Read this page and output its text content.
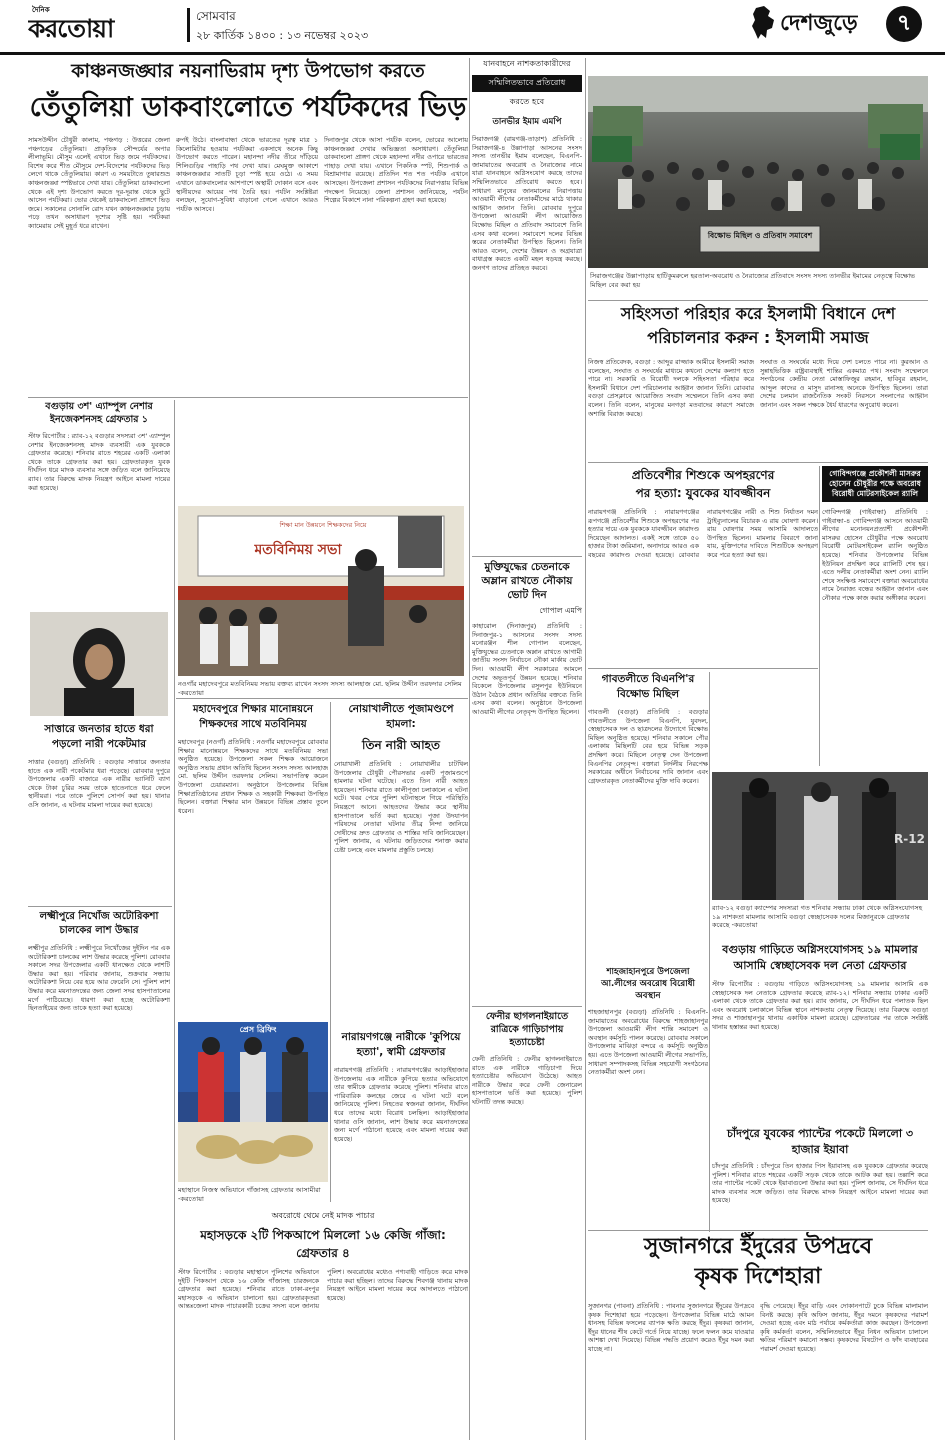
দৈনিক
করতোয়া	সোমবার
২৮ কার্তিক ১৪৩০ : ১৩ নভেম্বর ২০২৩	দেশজুড়ে	৭
কাঞ্চনজঙ্ঘার নয়নাভিরাম দৃশ্য উপভোগ করতে
তেঁতুলিয়া ডাকবাংলোতে পর্যটকদের ভিড়
সামসউদ্দীন চৌধুরী কালাম, পঞ্চগড় : উত্তরের জেলা পঞ্চগড়ের তেঁতুলিয়া। প্রাকৃতিক সৌন্দর্যের অপার লীলাভূমি। মৌসুম এলেই এখানে ভিড় জমে পর্যটকদের। বিশেষ করে শীত মৌসুমে দেশ-বিদেশের পর্যটকদের ভিড় লেগে থাকে তেঁতুলিয়ায়। কারণ এ সময়টাতে তুষারশুভ্র কাঞ্চনজঙ্ঘা স্পষ্টভাবে দেখা যায়। তেঁতুলিয়া ডাকবাংলো থেকে এই দৃশ্য উপভোগ করতে দূর-দূরান্ত থেকে ছুটে আসেন পর্যটকরা। ভোর থেকেই ডাকবাংলো প্রাঙ্গণে ভিড় জমে। সকালের সোনালি রোদ যখন কাঞ্চনজঙ্ঘার চূড়ায় পড়ে তখন অসাধারণ দৃশ্যের সৃষ্টি হয়। পর্যটকরা ক্যামেরায় সেই মুহূর্ত ধরে রাখেন।
রুপই উঠে। বাংলাবান্ধা থেকে ভারতের দূরত্ব মাত্র ১ কিলোমিটার হওয়ায় পর্যটকরা একসাথে অনেক কিছু উপভোগ করতে পারেন। মহানন্দা নদীর তীরে দাঁড়িয়ে শিলিগুড়ির পাহাড়ি পথ দেখা যায়। মেঘমুক্ত আকাশে কাঞ্চনজঙ্ঘার সাতটি চূড়া স্পষ্ট হয়ে ওঠে। এ সময় এখানে ডাকবাংলোর আশপাশে অস্থায়ী দোকান বসে এবং স্থানীয়দের আয়ের পথ তৈরি হয়। পর্যটন সংশ্লিষ্টরা বলছেন, সুযোগ-সুবিধা বাড়ানো গেলে এখানে আরও পর্যটক আসবে।
দিনাজপুর থেকে আসা পর্যটক বলেন, ভোরের আলোয় কাঞ্চনজঙ্ঘা দেখার অভিজ্ঞতা অসাধারণ। তেঁতুলিয়া ডাকবাংলো প্রাঙ্গণ থেকে মহানন্দা নদীর ওপারে ভারতের পাহাড় দেখা যায়। এখানে পিকনিক স্পট, শিশুপার্ক ও বিশ্রামাগার রয়েছে। প্রতিদিন শত শত পর্যটক এখানে আসছেন। উপজেলা প্রশাসন পর্যটকদের নিরাপত্তায় বিভিন্ন পদক্ষেপ নিয়েছে। জেলা প্রশাসন জানিয়েছে, পর্যটন শিল্পের বিকাশে নানা পরিকল্পনা গ্রহণ করা হয়েছে।
যানবাহনে নাশকতাকারীদের
সম্মিলিতভাবে প্রতিরোধ
করতে হবে
তানভীর ইমাম এমপি
সিরাজগঞ্জ (রায়গঞ্জ-তাড়াশ) প্রতিনিধি : সিরাজগঞ্জ-৪ উল্লাপাড়া আসনের সংসদ সদস্য তানভীর ইমাম বলেছেন, বিএনপি-জামায়াতের অবরোধ ও নৈরাজ্যের নামে যারা যানবাহনে অগ্নিসংযোগ করছে তাদের সম্মিলিতভাবে প্রতিরোধ করতে হবে। সাধারণ মানুষের জানমালের নিরাপত্তায় আওয়ামী লীগের নেতাকর্মীদের মাঠে থাকার আহ্বান জানান তিনি। রোববার দুপুরে উপজেলা আওয়ামী লীগ আয়োজিত বিক্ষোভ মিছিল ও প্রতিবাদ সমাবেশে তিনি এসব কথা বলেন। সমাবেশে দলের বিভিন্ন স্তরের নেতাকর্মীরা উপস্থিত ছিলেন। তিনি আরও বলেন, দেশের উন্নয়ন ও অগ্রযাত্রা বাধাগ্রস্ত করতে একটি মহল ষড়যন্ত্র করছে। জনগণ তাদের প্রতিহত করবে।
বিক্ষোভ মিছিল ও প্রতিবাদ সমাবেশ
সিরাজগঞ্জের উল্লাপাড়ায় হাটিকুমরুলে হরতাল-অবরোধ ও নৈরাজ্যের প্রতিবাদে সংসদ সদস্য তানভীর ইমামের নেতৃত্বে বিক্ষোভ মিছিল বের করা হয়
সহিংসতা পরিহার করে ইসলামী বিধানে দেশ
পরিচালনার করুন : ইসলামী সমাজ
নিজস্ব প্রতিবেদক, বগুড়া : আব্দুর রাজ্জাক আমীরে ইসলামী সমাজ বলেছেন, সংঘাত ও সংঘর্ষের মাধ্যমে কখনো দেশের কল্যাণ হতে পারে না। সরকারি ও বিরোধী দলকে সহিংসতা পরিহার করে ইসলামী বিধানে দেশ পরিচালনার আহ্বান জানান তিনি। রোববার বগুড়া প্রেসক্লাবে আয়োজিত সংবাদ সম্মেলনে তিনি এসব কথা বলেন। তিনি বলেন, মানুষের মনগড়া মতবাদের কারণে সমাজে অশান্তি বিরাজ করছে।
সংঘাত ও সংঘর্ষের মধ্যে দিয়ে দেশ চলতে পারে না। কুরআন ও সুন্নাহভিত্তিক রাষ্ট্রব্যবস্থাই শান্তির একমাত্র পথ। সংবাদ সম্মেলনে সংগঠনের কেন্দ্রীয় নেতা মোস্তাফিজুর রহমান, হাবিবুর রহমান, আব্দুল কাদের ও মাসুদ রানাসহ অনেকে উপস্থিত ছিলেন। তারা দেশের চলমান রাজনৈতিক সংকট নিরসনে সংলাপের আহ্বান জানান এবং সকল পক্ষকে ধৈর্য ধারণের অনুরোধ করেন।
বগুড়ায় ৩শ' এ্যাম্পুল নেশার ইনজেকশনসহ গ্রেফতার ১
স্টাফ রিপোর্টার : র‍্যাব-১২ বগুড়ার সদস্যরা ৩শ' এ্যাম্পুল নেশার ইনজেকশনসহ মাদক ব্যবসায়ী এক যুবককে গ্রেফতার করেছে। শনিবার রাতে শহরের একটি এলাকা থেকে তাকে গ্রেফতার করা হয়। গ্রেফতারকৃত যুবক দীর্ঘদিন ধরে মাদক ব্যবসার সঙ্গে জড়িত বলে জানিয়েছে র‍্যাব। তার বিরুদ্ধে মাদক নিয়ন্ত্রণ আইনে মামলা দায়ের করা হয়েছে।
শিক্ষা মান উন্নয়নে শিক্ষকদের নিয়ে
মতবিনিময় সভা
নওগাঁর মহাদেবপুরে মতবিনিময় সভায় বক্তব্য রাখেন সংসদ সদস্য আলহাজ মো. ছলিম উদ্দীন তরফদার সেলিম -করতোয়া
মুক্তিযুদ্ধের চেতনাকে অম্লান রাখতে নৌকায় ভোট দিন
গোপাল এমপি
কাহারোল (দিনাজপুর) প্রতিনিধি : দিনাজপুর-১ আসনের সংসদ সদস্য মনোরঞ্জন শীল গোপাল বলেছেন, মুক্তিযুদ্ধের চেতনাকে অম্লান রাখতে আগামী জাতীয় সংসদ নির্বাচনে নৌকা মার্কায় ভোট দিন। আওয়ামী লীগ সরকারের আমলে দেশের অভূতপূর্ব উন্নয়ন হয়েছে। শনিবার বিকেলে উপজেলার রসুলপুর ইউনিয়নে উঠান বৈঠকে প্রধান অতিথির বক্তব্যে তিনি এসব কথা বলেন। অনুষ্ঠানে উপজেলা আওয়ামী লীগের নেতৃবৃন্দ উপস্থিত ছিলেন।
মহাদেবপুরে শিক্ষার মানোন্নয়নে শিক্ষকদের সাথে মতবিনিময়
মহাদেবপুর (নওগাঁ) প্রতিনিধি : নওগাঁর মহাদেবপুরে রোববার শিক্ষার মানোন্নয়নে শিক্ষকদের সাথে মতবিনিময় সভা অনুষ্ঠিত হয়েছে। উপজেলা সকল শিক্ষক আয়োজনে অনুষ্ঠিত সভায় প্রধান অতিথি ছিলেন সংসদ সদস্য আলহাজ মো. ছলিম উদ্দীন তরফদার সেলিম। সভাপতিত্ব করেন উপজেলা চেয়ারম্যান। অনুষ্ঠানে উপজেলার বিভিন্ন শিক্ষাপ্রতিষ্ঠানের প্রধান শিক্ষক ও সহকারী শিক্ষকরা উপস্থিত ছিলেন। বক্তারা শিক্ষার মান উন্নয়নে বিভিন্ন প্রস্তাব তুলে ধরেন।
নোয়াখালীতে পূজামণ্ডপে হামলা:
তিন নারী আহত
নোয়াখালী প্রতিনিধি : নোয়াখালীর চাটখিল উপজেলার চৌধুরী পৌরসভার একটি পূজামণ্ডপে হামলার ঘটনা ঘটেছে। এতে তিন নারী আহত হয়েছেন। শনিবার রাতে কালীপূজা চলাকালে এ ঘটনা ঘটে। খবর পেয়ে পুলিশ ঘটনাস্থলে গিয়ে পরিস্থিতি নিয়ন্ত্রণে আনে। আহতদের উদ্ধার করে স্থানীয় হাসপাতালে ভর্তি করা হয়েছে। পূজা উদযাপন পরিষদের নেতারা ঘটনার তীব্র নিন্দা জানিয়ে দোষীদের দ্রুত গ্রেফতার ও শাস্তির দাবি জানিয়েছেন। পুলিশ জানায়, এ ঘটনায় জড়িতদের শনাক্ত করার চেষ্টা চলছে এবং মামলার প্রস্তুতি চলছে।
সাত্তারে জনতার হাতে ধরা পড়লো নারী পকেটমার
সাত্তার (বগুড়া) প্রতিনিধি : বগুড়ার সাত্তারে জনতার হাতে এক নারী পকেটমার ধরা পড়েছে। রোববার দুপুরে উপজেলার একটি বাজারে এক নারীর ভ্যানিটি ব্যাগ থেকে টাকা চুরির সময় তাকে হাতেনাতে ধরে ফেলে স্থানীয়রা। পরে তাকে পুলিশে সোপর্দ করা হয়। থানার ওসি জানান, এ ঘটনায় মামলা দায়ের করা হয়েছে।
লক্ষ্মীপুরে নিখোঁজ অটোরিকশা চালকের লাশ উদ্ধার
লক্ষ্মীপুর প্রতিনিধি : লক্ষ্মীপুরে নিখোঁজের দুইদিন পর এক অটোরিকশা চালকের লাশ উদ্ধার করেছে পুলিশ। রোববার সকালে সদর উপজেলার একটি ধানক্ষেত থেকে লাশটি উদ্ধার করা হয়। পরিবার জানায়, শুক্রবার সন্ধ্যায় অটোরিকশা নিয়ে বের হয়ে আর ফেরেনি সে। পুলিশ লাশ উদ্ধার করে ময়নাতদন্তের জন্য জেলা সদর হাসপাতালের মর্গে পাঠিয়েছে। ধারণা করা হচ্ছে অটোরিকশা ছিনতাইয়ের জন্য তাকে হত্যা করা হয়েছে।
ফেনীর ছাগলনাইয়াতে রাত্রিকে গাড়িচাপায় হত্যাচেষ্টা
ফেনী প্রতিনিধি : ফেনীর ছাগলনাইয়াতে রাতে এক নারীকে গাড়িচাপা দিয়ে হত্যাচেষ্টার অভিযোগ উঠেছে। আহত নারীকে উদ্ধার করে ফেনী জেনারেল হাসপাতালে ভর্তি করা হয়েছে। পুলিশ ঘটনাটি তদন্ত করছে।
নারায়ণগঞ্জে নারীকে 'কুপিয়ে হত্যা', স্বামী গ্রেফতার
নারায়ণগঞ্জ প্রতিনিধি : নারায়ণগঞ্জের আড়াইহাজার উপজেলায় এক নারীকে কুপিয়ে হত্যার অভিযোগে তার স্বামীকে গ্রেফতার করেছে পুলিশ। শনিবার রাতে পারিবারিক কলহের জেরে এ ঘটনা ঘটে বলে জানিয়েছে পুলিশ। নিহতের স্বজনরা জানান, দীর্ঘদিন ধরে তাদের মধ্যে বিরোধ চলছিল। আড়াইহাজার থানার ওসি জানান, লাশ উদ্ধার করে ময়নাতদন্তের জন্য মর্গে পাঠানো হয়েছে এবং মামলা দায়ের করা হয়েছে।
প্রেস ব্রিফিং
মহাস্থানে নিজস্ব অভিযানে গাঁজাসহ গ্রেফতার আসামীরা -করতোয়া
অবরোধে থেমে নেই মাদক পাচার
মহাসড়কে ২টি পিকআপে মিললো ১৬ কেজি গাঁজা: গ্রেফতার ৪
স্টাফ রিপোর্টার : বগুড়ার মহাস্থানে পুলিশের অভিযানে দুইটি পিকআপ থেকে ১৬ কেজি গাঁজাসহ চারজনকে গ্রেফতার করা হয়েছে। শনিবার রাতে ঢাকা-রংপুর মহাসড়কে এ অভিযান চালানো হয়। গ্রেফতারকৃতরা আন্তঃজেলা মাদক পাচারকারী চক্রের সদস্য বলে জানায় পুলিশ। অবরোধের মধ্যেও পণ্যবাহী গাড়িতে করে মাদক পাচার করা হচ্ছিল। তাদের বিরুদ্ধে শিবগঞ্জ থানায় মাদক নিয়ন্ত্রণ আইনে মামলা দায়ের করে আদালতে পাঠানো হয়েছে।
প্রতিবেশীর শিশুকে অপহরণের
পর হত্যা: যুবকের যাবজ্জীবন
নারায়ণগঞ্জ প্রতিনিধি : নারায়ণগঞ্জের রূপগঞ্জে প্রতিবেশীর শিশুকে অপহরণের পর হত্যার দায়ে এক যুবককে যাবজ্জীবন কারাদণ্ড দিয়েছেন আদালত। একই সঙ্গে তাকে ৫০ হাজার টাকা জরিমানা, অনাদায়ে আরও এক বছরের কারাদণ্ড দেওয়া হয়েছে। রোববার নারায়ণগঞ্জের নারী ও শিশু নির্যাতন দমন ট্রাইব্যুনালের বিচারক এ রায় ঘোষণা করেন। রায় ঘোষণার সময় আসামি আদালতে উপস্থিত ছিলেন। মামলার বিবরণে জানা যায়, মুক্তিপণের দাবিতে শিশুটিকে অপহরণ করে পরে হত্যা করা হয়।
গোবিন্দগঞ্জে প্রকৌশলী মাসরুর হোসেন চৌধুরীর পক্ষে অবরোধ বিরোধী মোটরসাইকেল র‍্যালি
গোবিন্দগঞ্জ (গাইবান্ধা) প্রতিনিধি : গাইবান্ধা-৪ গোবিন্দগঞ্জ আসনে আওয়ামী লীগের মনোনয়নপ্রত্যাশী প্রকৌশলী মাসরুর হোসেন চৌধুরীর পক্ষে অবরোধ বিরোধী মোটরসাইকেল র‍্যালি অনুষ্ঠিত হয়েছে। শনিবার উপজেলার বিভিন্ন ইউনিয়ন প্রদক্ষিণ করে র‍্যালিটি শেষ হয়। এতে দলীয় নেতাকর্মীরা অংশ নেন। র‍্যালি শেষে সংক্ষিপ্ত সমাবেশে বক্তারা অবরোধের নামে নৈরাজ্য বন্ধের আহ্বান জানান এবং নৌকার পক্ষে কাজ করার অঙ্গীকার করেন।
গাবতলীতে বিএনপি'র বিক্ষোভ মিছিল
গাবতলী (বগুড়া) প্রতিনিধি : বগুড়ার গাবতলীতে উপজেলা বিএনপি, যুবদল, স্বেচ্ছাসেবক দল ও ছাত্রদলের উদ্যোগে বিক্ষোভ মিছিল অনুষ্ঠিত হয়েছে। শনিবার সকালে পৌর এলাকায় মিছিলটি বের হয়ে বিভিন্ন সড়ক প্রদক্ষিণ করে। মিছিলে নেতৃত্ব দেন উপজেলা বিএনপির নেতৃবৃন্দ। বক্তারা নির্দলীয় নিরপেক্ষ সরকারের অধীনে নির্বাচনের দাবি জানান এবং গ্রেফতারকৃত নেতাকর্মীদের মুক্তি দাবি করেন।
R-12
র‍্যাব-১২ বগুড়া ক্যাম্পের সদস্যরা গত শনিবার সন্ধ্যায় ঢাকা থেকে অগ্নিসংযোগসহ ১৯ নাশকতা মামলার আসামি বগুড়া স্বেচ্ছাসেবক দলের মিজানুরকে গ্রেফতার করেছে -করতোয়া
বগুড়ায় গাড়িতে অগ্নিসংযোগসহ ১৯ মামলার আসামি স্বেচ্ছাসেবক দল নেতা গ্রেফতার
স্টাফ রিপোর্টার : বগুড়ায় গাড়িতে অগ্নিসংযোগসহ ১৯ মামলার আসামি এক স্বেচ্ছাসেবক দল নেতাকে গ্রেফতার করেছে র‍্যাব-১২। শনিবার সন্ধ্যায় ঢাকার একটি এলাকা থেকে তাকে গ্রেফতার করা হয়। র‍্যাব জানায়, সে দীর্ঘদিন ধরে পলাতক ছিল এবং অবরোধ চলাকালে বিভিন্ন স্থানে নাশকতায় নেতৃত্ব দিয়েছে। তার বিরুদ্ধে বগুড়া সদর ও শাজাহানপুর থানায় একাধিক মামলা রয়েছে। গ্রেফতারের পর তাকে সংশ্লিষ্ট থানায় হস্তান্তর করা হয়েছে।
শাহজাহানপুরে উপজেলা আ.লীগের অবরোধ বিরোধী অবস্থান
শাহজাহানপুর (বগুড়া) প্রতিনিধি : বিএনপি-জামায়াতের অবরোধের বিরুদ্ধে শাহজাহানপুর উপজেলা আওয়ামী লীগ শান্তি সমাবেশ ও অবস্থান কর্মসূচি পালন করেছে। রোববার সকালে উপজেলার মাঝিড়া বন্দরে এ কর্মসূচি অনুষ্ঠিত হয়। এতে উপজেলা আওয়ামী লীগের সভাপতি, সাধারণ সম্পাদকসহ বিভিন্ন সহযোগী সংগঠনের নেতাকর্মীরা অংশ নেন।
চাঁদপুরে যুবকের প্যান্টের পকেটে মিললো ৩ হাজার ইয়াবা
চাঁদপুর প্রতিনিধি : চাঁদপুরে তিন হাজার পিস ইয়াবাসহ এক যুবককে গ্রেফতার করেছে পুলিশ। শনিবার রাতে শহরের একটি সড়ক থেকে তাকে আটক করা হয়। তল্লাশি করে তার প্যান্টের পকেট থেকে ইয়াবাগুলো উদ্ধার করা হয়। পুলিশ জানায়, সে দীর্ঘদিন ধরে মাদক ব্যবসার সঙ্গে জড়িত। তার বিরুদ্ধে মাদক নিয়ন্ত্রণ আইনে মামলা দায়ের করা হয়েছে।
সুজানগরে ইঁদুরের উপদ্রবে
কৃষক দিশেহারা
সুজানগর (পাবনা) প্রতিনিধি : পাবনার সুজানগরে ইঁদুরের উপদ্রবে কৃষক দিশেহারা হয়ে পড়েছেন। উপজেলার বিভিন্ন মাঠে আমন ধানসহ বিভিন্ন ফসলের ব্যাপক ক্ষতি করছে ইঁদুর। কৃষকরা জানান, ইঁদুর ধানের শীষ কেটে গর্তে নিয়ে যাচ্ছে। ফলে ফলন কমে যাওয়ার আশঙ্কা দেখা দিয়েছে। বিভিন্ন পদ্ধতি প্রয়োগ করেও ইঁদুর দমন করা যাচ্ছে না।
বৃদ্ধি পেয়েছে। ইঁদুর বাড়ি এবং দোকানপাটে ঢুকে বিভিন্ন মালামাল বিনষ্ট করছে। কৃষি অফিস জানায়, ইঁদুর দমনে কৃষকদের পরামর্শ দেওয়া হচ্ছে এবং মাঠ পর্যায়ে কর্মকর্তারা কাজ করছেন। উপজেলা কৃষি কর্মকর্তা বলেন, সম্মিলিতভাবে ইঁদুর নিধন অভিযান চালালে ক্ষতির পরিমাণ কমানো সম্ভব। কৃষকদের বিষটোপ ও ফাঁদ ব্যবহারের পরামর্শ দেওয়া হয়েছে।
